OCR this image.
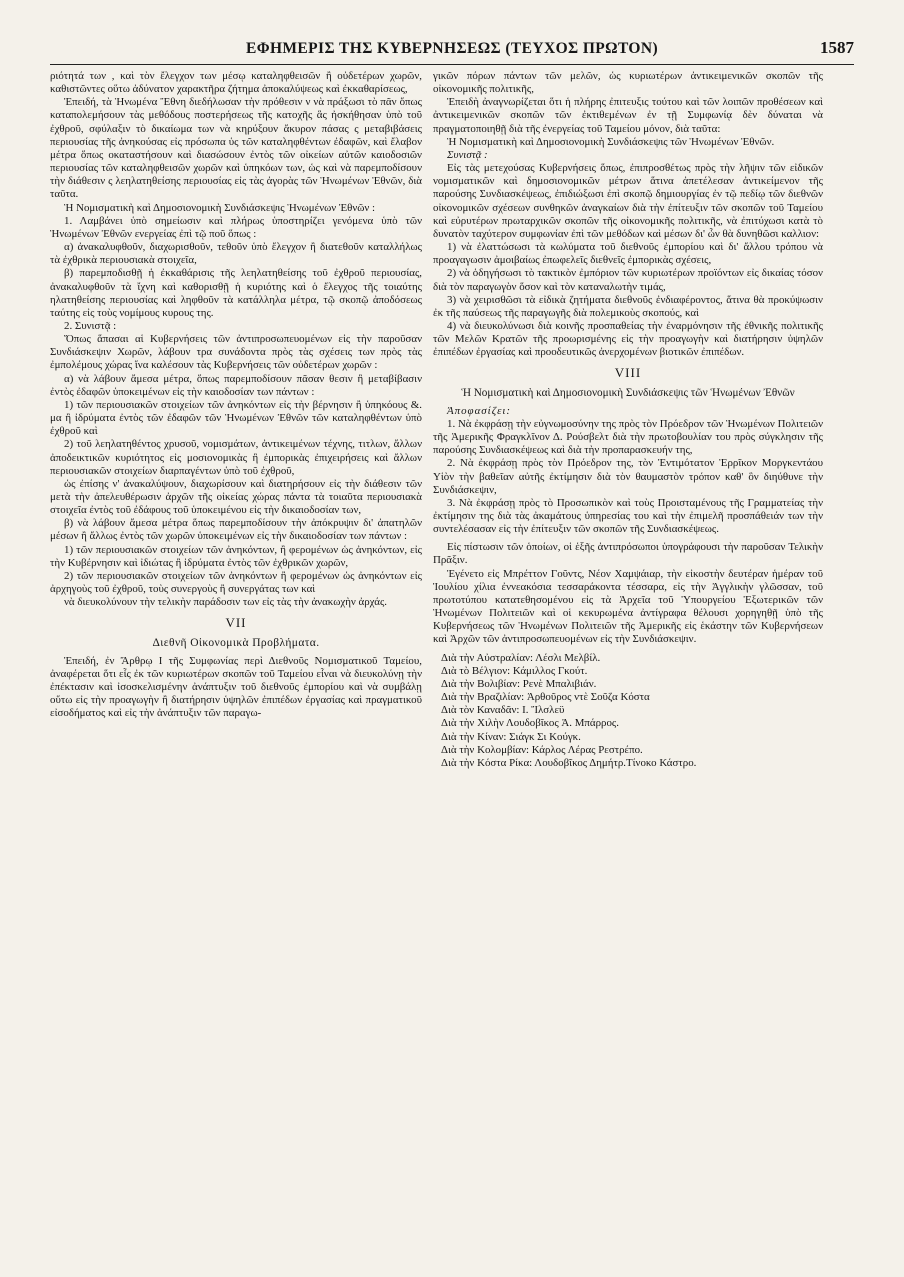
ΕΦΗΜΕΡΙΣ ΤΗΣ ΚΥΒΕΡΝΗΣΕΩΣ (ΤΕΥΧΟΣ ΠΡΩΤΟΝ)	1587

ριότητά των , καὶ τὸν ἔλεγχον των μέσῳ καταληφθεισῶν ἢ οὐδετέρων χωρῶν, καθιστῶντες οὕτω ἀδύνατον χαρακτῆρα ζήτημα ἀποκαλύψεως καὶ ἐκκαθαρίσεως,

Ἐπειδή, τὰ Ἡνωμένα Ἔθνη διεδήλωσαν τὴν πρόθεσιν ν νὰ πράξωσι τὸ πᾶν ὅπως καταπολεμήσουν τὰς μεθόδους ποστερήσεως τῆς κατοχῆς ἃς ἠσκήθησαν ὑπὸ τοῦ ἐχθροῦ, σφύλαξιν τὸ δικαίωμα των νὰ κηρύξουν ἄκυρον πάσας ς μεταβιβάσεις περιουσίας τῆς ἀνηκούσας εἰς πρόσωπα ὑς τῶν καταληφθέντων ἐδαφῶν, καὶ ἔλαβον μέτρα ὅπως οκαταστήσουν καὶ διασώσουν ἐντὸς τῶν οἰκείων αὐτῶν καιοδοσιῶν περιουσίας τῶν καταληφθεισῶν χωρῶν καὶ ὑπηκόων των, ὡς καὶ νὰ παρεμποδίσουν τὴν διάθεσιν ς λεηλατηθείσης περιουσίας εἰς τὰς ἀγορὰς τῶν Ἡνωμένων Ἐθνῶν, διὰ ταῦτα.

Ἡ Νομισματικὴ καὶ Δημοσιονομικὴ Συνδιάσκεψις Ἡνωμένων Ἐθνῶν :

1. Λαμβάνει ὑπὸ σημείωσιν καὶ πλήρως ὑποστηρίζει γενόμενα ὑπὸ τῶν Ἡνωμένων Ἐθνῶν ενεργείας ἐπὶ τῷ ποῦ ὅπως :

α) ἀνακαλυφθοῦν, διαχωρισθοῦν, τεθοῦν ὑπὸ ἔλεγχον ἢ διατεθοῦν καταλλήλως τὰ ἐχθρικὰ περιουσιακὰ στοιχεῖα,

β) παρεμποδισθῇ ἡ ἐκκαθάρισις τῆς λεηλατηθείσης τοῦ ἐχθροῦ περιουσίας, ἀνακαλυφθοῦν τὰ ἴχνη καὶ καθορισθῇ ἡ κυριότης καὶ ὁ ἔλεγχος τῆς τοιαύτης ηλατηθείσης περιουσίας καὶ ληφθοῦν τὰ κατάλληλα μέτρα, τῷ σκοπῷ ἀποδόσεως ταύτης εἰς τοὺς νομίμους κυρους της.

2. Συνιστᾷ :

Ὅπως ἅπασαι αἱ Κυβερνήσεις τῶν ἀντιπροσωπευομένων εἰς τὴν παροῦσαν Συνδιάσκεψιν Χωρῶν, λάβουν τρα συνάδοντα πρὸς τὰς σχέσεις των πρὸς τὰς ἐμπολέμους χώρας ἵνα καλέσουν τὰς Κυβερνήσεις τῶν οὐδετέρων χωρῶν :

α) νὰ λάβουν ἄμεσα μέτρα, ὅπως παρεμποδίσουν πᾶσαν θεσιν ἢ μεταβίβασιν ἐντὸς ἐδαφῶν ὑποκειμένων εἰς τὴν καιοδοσίαν των πάντων :

1) τῶν περιουσιακῶν στοιχείων τῶν ἀνηκόντων εἰς τὴν βέρνησιν ἢ ὑπηκόους &. μα ἢ ἰδρύματα ἐντὸς τῶν ἐδαφῶν τῶν Ἡνωμένων Ἐθνῶν τῶν καταληφθέντων ὑπὸ ἐχθροῦ καὶ

2) τοῦ λεηλατηθέντος χρυσοῦ, νομισμάτων, ἀντικειμένων τέχνης, τιτλων, ἄλλων ἀποδεικτικῶν κυριότητος εἰς μοσιονομικὰς ἢ ἐμπορικὰς ἐπιχειρήσεις καὶ ἄλλων περιουσιακῶν στοιχείων διαρπαγέντων ὑπὸ τοῦ ἐχθροῦ,

ὡς ἐπίσης ν' ἀνακαλύψουν, διαχωρίσουν καὶ διατηρήσουν εἰς τὴν διάθεσιν τῶν μετὰ τὴν ἀπελευθέρωσιν ἀρχῶν τῆς οἰκείας χώρας πάντα τὰ τοιαῦτα περιουσιακὰ στοιχεῖα ἐντὸς τοῦ ἐδάφους τοῦ ὑποκειμένου εἰς τὴν δικαιοδοσίαν των,

β) νὰ λάβουν ἄμεσα μέτρα ὅπως παρεμποδίσουν τὴν ἀπόκρυψιν δι' ἀπατηλῶν μέσων ἢ ἄλλως ἐντὸς τῶν χωρῶν ὑποκειμένων εἰς τὴν δικαιοδοσίαν των πάντων :

1) τῶν περιουσιακῶν στοιχείων τῶν ἀνηκόντων, ἢ φερομένων ὡς ἀνηκόντων, εἰς τὴν Κυβέρνησιν καὶ ἰδιώτας ἢ ἰδρύματα ἐντὸς τῶν ἐχθρικῶν χωρῶν,

2) τῶν περιουσιακῶν στοιχείων τῶν ἀνηκόντων ἢ φερομένων ὡς ἀνηκόντων εἰς ἀρχηγοὺς τοῦ ἐχθροῦ, τοὺς συνεργοὺς ἢ συνεργάτας των καὶ

νὰ διευκολύνουν τὴν τελικὴν παράδοσιν των εἰς τὰς τὴν ἀνακωχὴν ἀρχάς.

VII
Διεθνῆ Οἰκονομικὰ Προβλήματα.

Ἐπειδή, ἐν Ἄρθρῳ Ι τῆς Συμφωνίας περὶ Διεθνοῦς Νομισματικοῦ Ταμείου, ἀναφέρεται ὅτι εἷς ἐκ τῶν κυριωτέρων σκοπῶν τοῦ Ταμείου εἶναι νὰ διευκολύνῃ τὴν ἐπέκτασιν καὶ ἰσοσκελισμένην ἀνάπτυξιν τοῦ διεθνοῦς ἐμπορίου καὶ νὰ συμβάλῃ οὕτω εἰς τὴν προαγωγὴν ἢ διατήρησιν ὑψηλῶν ἐπιπέδων ἐργασίας καὶ πραγματικοῦ εἰσοδήματος καὶ εἰς τὴν ἀνάπτυξιν τῶν παραγω-

γικῶν πόρων πάντων τῶν μελῶν, ὡς κυριωτέρων ἀντικειμενικῶν σκοπῶν τῆς οἰκονομικῆς πολιτικῆς,

Ἐπειδὴ ἀναγνωρίζεται ὅτι ἡ πλήρης ἐπιτευξις τούτου καὶ τῶν λοιπῶν προθέσεων καὶ ἀντικειμενικῶν σκοπῶν τῶν ἐκτιθεμένων ἐν τῇ Συμφωνίᾳ δὲν δύναται νὰ πραγματοποιηθῇ διὰ τῆς ἐνεργείας τοῦ Ταμείου μόνον, διὰ ταῦτα:

Ἡ Νομισματικὴ καὶ Δημοσιονομικὴ Συνδιάσκεψις τῶν Ἡνωμένων Ἐθνῶν.

Συνιστᾷ :

Εἰς τὰς μετεχούσας Κυβερνήσεις ὅπως, ἐπιπροσθέτως πρὸς τὴν λῆψιν τῶν εἰδικῶν νομισματικῶν καὶ δημοσιονομικῶν μέτρων ἅτινα ἀπετέλεσαν ἀντικείμενον τῆς παρούσης Συνδιασκέψεως, ἐπιδιώξωσι ἐπὶ σκοπῷ δημιουργίας ἐν τῷ πεδίῳ τῶν διεθνῶν οἰκονομικῶν σχέσεων συνθηκῶν ἀναγκαίων διὰ τὴν ἐπίτευξιν τῶν σκοπῶν τοῦ Ταμείου καὶ εὐρυτέρων πρωταρχικῶν σκοπῶν τῆς οἰκονομικῆς πολιτικῆς, νὰ ἐπιτύχωσι κατὰ τὸ δυνατὸν ταχύτερον συμφωνίαν ἐπὶ τῶν μεθόδων καὶ μέσων δι' ὧν θὰ δυνηθῶσι καλλιον:

1) νὰ ἐλαττώσωσι τὰ κωλύματα τοῦ διεθνοῦς ἐμπορίου καὶ δι' ἄλλου τρόπου νὰ προαγαγωσιν ἀμοιβαίως ἐπωφελεῖς διεθνεῖς ἐμπορικὰς σχέσεις,

2) νὰ ὁδηγήσωσι τὸ τακτικὸν ἐμπόριον τῶν κυριωτέρων προϊόντων εἰς δικαίας τόσον διὰ τὸν παραγωγὸν ὅσον καὶ τὸν καταναλωτὴν τιμάς,

3) νὰ χειρισθῶσι τὰ εἰδικὰ ζητήματα διεθνοῦς ἐνδιαφέροντος, ἅτινα θὰ προκύψωσιν ἐκ τῆς παύσεως τῆς παραγωγῆς διὰ πολεμικοὺς σκοπούς, καὶ

4) νὰ διευκολύνωσι διὰ κοινῆς προσπαθείας τὴν ἐναρμόνησιν τῆς ἐθνικῆς πολιτικῆς τῶν Μελῶν Κρατῶν τῆς προωρισμένης εἰς τὴν προαγωγὴν καὶ διατήρησιν ὑψηλῶν ἐπιπέδων ἐργασίας καὶ προοδευτικῶς ἀνερχομένων βιοτικῶν ἐπιπέδων.

VIII
Ἡ Νομισματικὴ καὶ Δημοσιονομικὴ Συνδιάσκεψις τῶν Ἡνωμένων Ἐθνῶν

Ἀποφασίζει:

1. Νὰ ἐκφράσῃ τὴν εὐγνωμοσύνην της πρὸς τὸν Πρόεδρον τῶν Ἡνωμένων Πολιτειῶν τῆς Ἀμερικῆς Φραγκλῖνον Δ. Ρούσβελτ διὰ τὴν πρωτοβουλίαν του πρὸς σύγκλησιν τῆς παρούσης Συνδιασκέψεως καὶ διὰ τὴν προπαρασκευήν της,

2. Νὰ ἐκφράσῃ πρὸς τὸν Πρόεδρον της, τὸν Ἐντιμότατον Ἑρρῖκον Μοργκεντάου Υἱὸν τὴν βαθεῖαν αὐτῆς ἐκτίμησιν διὰ τὸν θαυμαστὸν τρόπον καθ' ὃν διηύθυνε τὴν Συνδιάσκεψιν,

3. Νὰ ἐκφράσῃ πρὸς τὸ Προσωπικὸν καὶ τοὺς Προισταμένους τῆς Γραμματείας τὴν ἐκτίμησιν της διὰ τὰς ἀκαμάτους ὑπηρεσίας του καὶ τὴν ἐπιμελῆ προσπάθειάν των τὴν συντελέσασαν εἰς τὴν ἐπίτευξιν τῶν σκοπῶν τῆς Συνδιασκέψεως.

Εἰς πίστωσιν τῶν ὁποίων, οἱ ἑξῆς ἀντιπρόσωποι ὑπογράφουσι τὴν παροῦσαν Τελικὴν Πρᾶξιν.

Ἐγένετο εἰς Μπρέττον Γοῦντς, Νέον Χαμψάιαρ, τὴν εἰκοστὴν δευτέραν ἡμέραν τοῦ Ἰουλίου χίλια ἐννεακόσια τεσσαράκοντα τέσσαρα, εἰς τὴν Ἀγγλικὴν γλῶσσαν, τοῦ πρωτοτύπου κατατεθησομένου εἰς τὰ Ἀρχεῖα τοῦ Ὑπουργείου Ἐξωτερικῶν τῶν Ἡνωμένων Πολιτειῶν καὶ οἱ κεκυρωμένα ἀντίγραφα θέλουσι χορηγηθῇ ὑπὸ τῆς Κυβερνήσεως τῶν Ἡνωμένων Πολιτειῶν τῆς Ἀμερικῆς εἰς ἑκάστην τῶν Κυβερνήσεων καὶ Ἀρχῶν τῶν ἀντιπροσωπευομένων εἰς τὴν Συνδιάσκεψιν.

Διὰ τὴν Αὐστραλίαν: Λέσλι Μελβίλ.

Διὰ τὸ Βέλγιον: Κάμιλλος Γκούτ.

Διὰ τὴν Βολιβίαν: Ρενὲ Μπαλιβιάν.

Διὰ τὴν Βραζιλίαν: Ἀρθοῦρος ντὲ Σοῦζα Κόστα

Διὰ τὸν Καναδᾶν: Ι. Ἴλσλεϋ

Διὰ τὴν Χιλὴν Λουδοβῖκος Ἀ. Μπάρρος.

Διὰ τὴν Κίναν: Σιάγκ Σι Κούγκ.

Διὰ τὴν Κολομβίαν: Κάρλος Λέρας Ρεστρέπο.

Διὰ τὴν Κόστα Ρίκα: Λουδοβῖκος Δημήτρ.Τίνοκο Κάστρο.
